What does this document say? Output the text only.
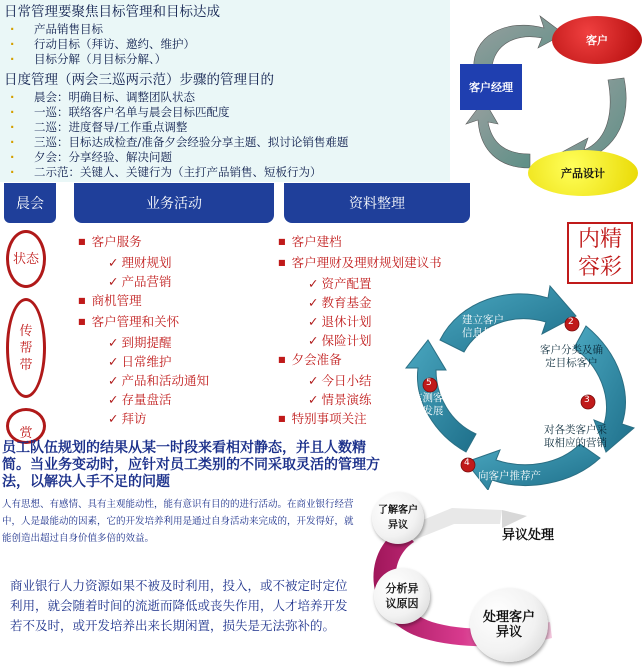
日常管理要聚焦目标管理和目标达成
· 产品销售目标
· 行动目标（拜访、邀约、维护）
· 目标分解（月目标分解、）
日度管理（两会三巡两示范）步骤的管理目的
· 晨会：明确目标、调整团队状态
· 一巡：联络客户名单与晨会目标匹配度
· 二巡：进度督导/工作重点调整
· 三巡：目标达成检查/准备夕会经验分享主题、拟讨论销售难题
· 夕会：分享经验、解决问题
· 二示范：关键人、关键行为（主打产品销售、短板行为）
客户经理
客户
产品设计
晨会	业务活动	资料整理
状态
传帮带
赏
■ 客户服务
✓ 理财规划
✓ 产品营销
■ 商机管理
■ 客户管理和关怀
✓ 到期提醒
✓ 日常维护
✓ 产品和活动通知
✓ 存量盘活
✓ 拜访
■ 客户建档
■ 客户理财及理财规划建议书
✓ 资产配置
✓ 教育基金
✓ 退休计划
✓ 保险计划
■ 夕会准备
✓ 今日小结
✓ 情景演练
■ 特别事项关注
内精
容彩
建立客户
信息档案
客户分类及确
定目标客户
对各类客户采
取相应的营销
向客户推荐产
监测客
户发展
2
3
4
5
员工队伍规划的结果从某一时段来看相对静态，并且人数精简。当业务变动时，应针对员工类别的不同采取灵活的管理方法，以解决人手不足的问题
人有思想、有感情、具有主观能动性，能有意识有目的的进行活动。在商业银行经营中，人是最能动的因素，它的开发培养利用是通过自身活动来完成的，开发得好，就能创造出超过自身价值多倍的效益。
商业银行人力资源如果不被及时利用，投入，或不被定时定位利用，就会随着时间的流逝而降低或丧失作用，人才培养开发若不及时，或开发培养出来长期闲置，损失是无法弥补的。
异议处理
了解客户异议
分析异议原因
处理客户异议
